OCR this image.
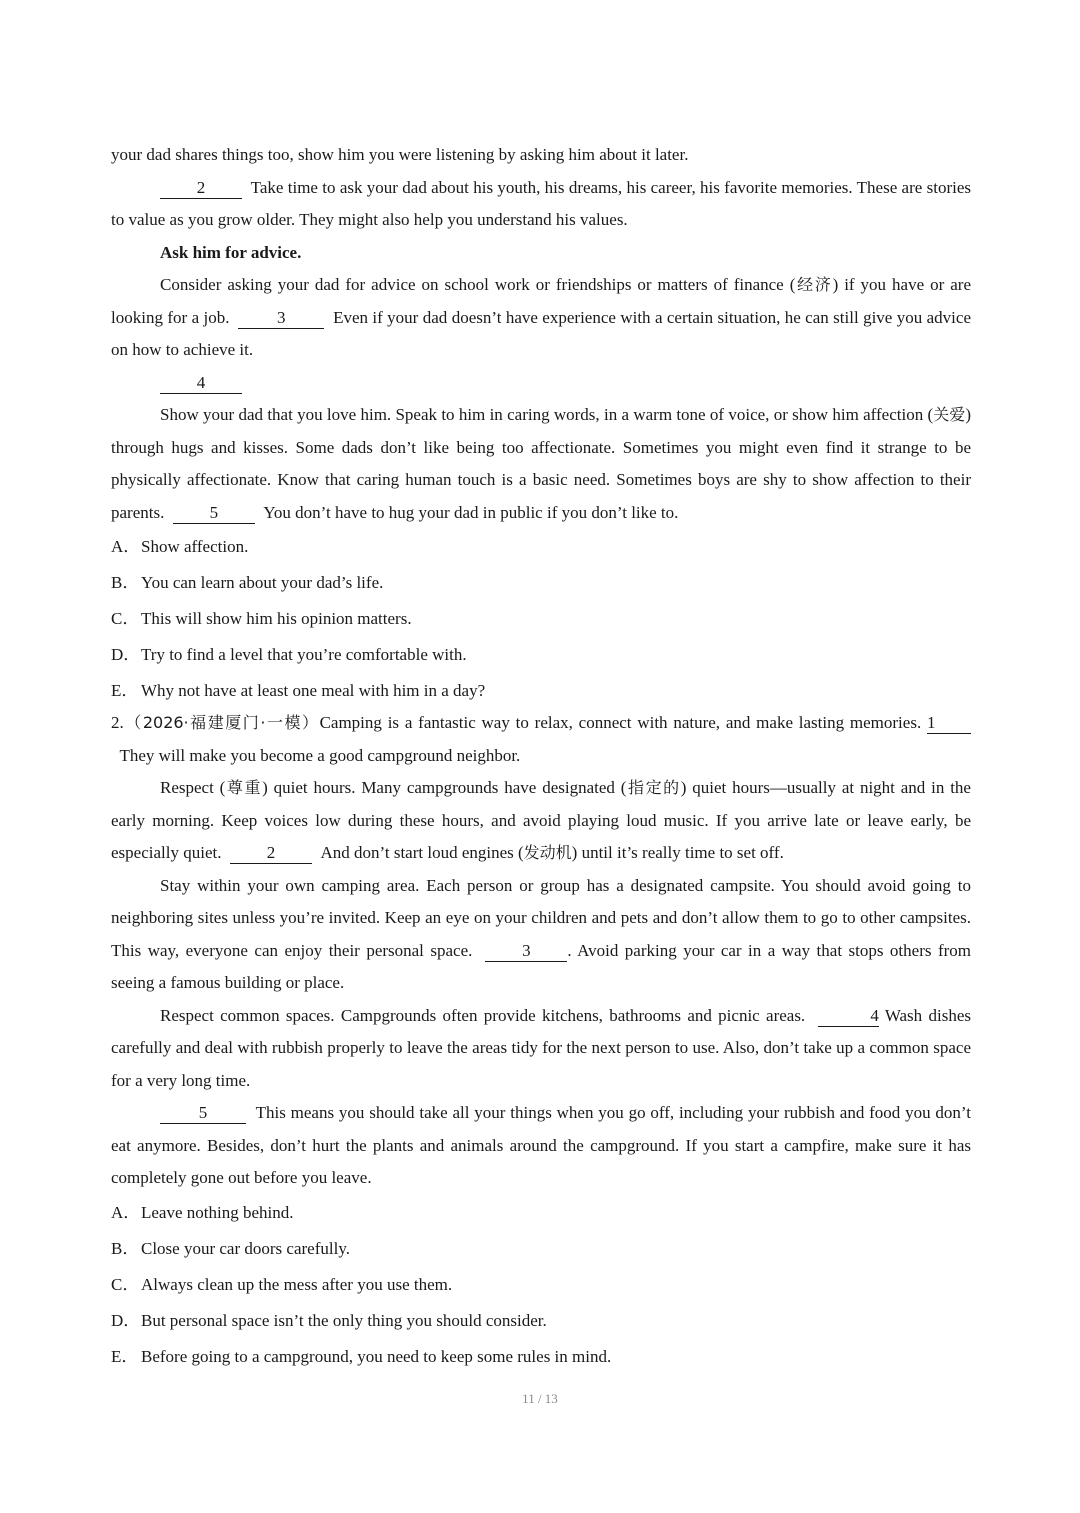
your dad shares things too, show him you were listening by asking him about it later.

2	Take time to ask your dad about his youth, his dreams, his career, his favorite memories. These are stories to value as you grow older. They might also help you understand his values.

Ask him for advice.

Consider asking your dad for advice on school work or friendships or matters of finance (经济) if you have or are looking for a job.	3	Even if your dad doesn’t have experience with a certain situation, he can still give you advice on how to achieve it.

4

Show your dad that you love him. Speak to him in caring words, in a warm tone of voice, or show him affection (关爱) through hugs and kisses. Some dads don’t like being too affectionate. Sometimes you might even find it strange to be physically affectionate. Know that caring human touch is a basic need. Sometimes boys are shy to show affection to their parents.	5	You don’t have to hug your dad in public if you don’t like to.

A．Show affection.

B．You can learn about your dad’s life.

C．This will show him his opinion matters.

D．Try to find a level that you’re comfortable with.

E． Why not have at least one meal with him in a day?

2.（2026·福建厦门·一模）Camping is a fantastic way to relax, connect with nature, and make lasting memories. 1  They will make you become a good campground neighbor.

Respect (尊重) quiet hours. Many campgrounds have designated (指定的) quiet hours—usually at night and in the early morning. Keep voices low during these hours, and avoid playing loud music. If you arrive late or leave early, be especially quiet.	2	And don’t start loud engines (发动机) until it’s really time to set off.

Stay within your own camping area. Each person or group has a designated campsite. You should avoid going to neighboring sites unless you’re invited. Keep an eye on your children and pets and don’t allow them to go to other campsites. This way, everyone can enjoy their personal space.	3 . Avoid parking your car in a way that stops others from seeing a famous building or place.

Respect common spaces. Campgrounds often provide kitchens, bathrooms and picnic areas.	4 Wash dishes carefully and deal with rubbish properly to leave the areas tidy for the next person to use. Also, don’t take up a common space for a very long time.

5	This means you should take all your things when you go off, including your rubbish and food you don’t eat anymore. Besides, don’t hurt the plants and animals around the campground. If you start a campfire, make sure it has completely gone out before you leave.

A．Leave nothing behind.

B．Close your car doors carefully.

C．Always clean up the mess after you use them.

D．But personal space isn’t the only thing you should consider.

E． Before going to a campground, you need to keep some rules in mind.

11 / 13
